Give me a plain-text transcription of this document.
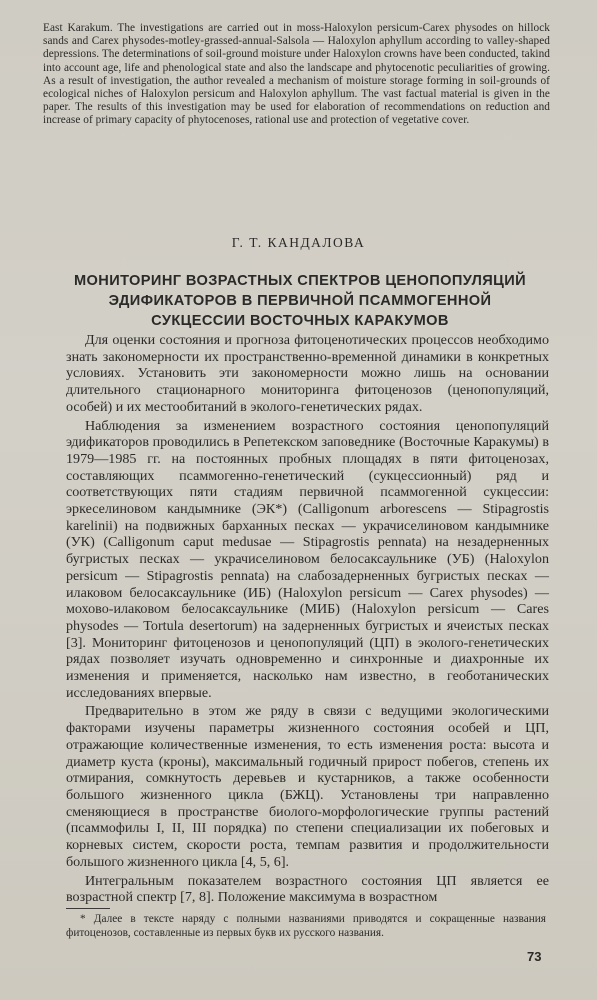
East Karakum. The investigations are carried out in moss-Haloxylon persicum-Carex physodes on hillock sands and Carex physodes-motley-grassed-annual-Salsola — Haloxylon aphyllum according to valley-shaped depressions. The determinations of soil-ground moisture under Haloxylon crowns have been conducted, takind into account age, life and phenological state and also the landscape and phytocenotic peculiarities of growing. As a result of investigation, the author revealed a mechanism of moisture storage forming in soil-grounds of ecological niches of Haloxylon persicum and Haloxylon aphyllum. The vast factual material is given in the paper. The results of this investigation may be used for elaboration of recommendations on reduction and increase of primary capacity of phytocenoses, rational use and protection of vegetative cover.
Г. Т. КАНДАЛОВА
МОНИТОРИНГ ВОЗРАСТНЫХ СПЕКТРОВ ЦЕНОПОПУЛЯЦИЙ
ЭДИФИКАТОРОВ В ПЕРВИЧНОЙ ПСАММОГЕННОЙ
СУКЦЕССИИ ВОСТОЧНЫХ КАРАКУМОВ

Для оценки состояния и прогноза фитоценотических процессов необходимо знать закономерности их пространственно-временной динамики в конкретных условиях. Установить эти закономерности можно лишь на основании длительного стационарного мониторинга фитоценозов (ценопопуляций, особей) и их местообитаний в эколого-генетических рядах.

Наблюдения за изменением возрастного состояния ценопопуляций эдификаторов проводились в Репетекском заповеднике (Восточные Каракумы) в 1979—1985 гг. на постоянных пробных площадях в пяти фитоценозах, составляющих псаммогенно-генетический (сукцессионный) ряд и соответствующих пяти стадиям первичной псаммогенной сукцессии: эркеселиновом кандымнике (ЭК*) (Calligonum arborescens — Stipagrostis karelinii) на подвижных барханных песках — украчиселиновом кандымнике (УК) (Calligonum caput medusae — Stipagrostis pennata) на незадерненных бугристых песках — украчиселиновом белосаксаульнике (УБ) (Haloxylon persicum — Stipagrostis pennata) на слабозадерненных бугристых песках — илаковом белосаксаульнике (ИБ) (Haloxylon persicum — Carex physodes) — мохово-илаковом белосаксаульнике (МИБ) (Haloxylon persicum — Cares physodes — Tortula desertorum) на задерненных бугристых и ячеистых песках [3]. Мониторинг фитоценозов и ценопопуляций (ЦП) в эколого-генетических рядах позволяет изучать одновременно и синхронные и диахронные их изменения и применяется, насколько нам известно, в геоботанических исследованиях впервые.

Предварительно в этом же ряду в связи с ведущими экологическими факторами изучены параметры жизненного состояния особей и ЦП, отражающие количественные изменения, то есть изменения роста: высота и диаметр куста (кроны), максимальный годичный прирост побегов, степень их отмирания, сомкнутость деревьев и кустарников, а также особенности большого жизненного цикла (БЖЦ). Установлены три направленно сменяющиеся в пространстве биолого-морфологические группы растений (псаммофилы I, II, III порядка) по степени специализации их побеговых и корневых систем, скорости роста, темпам развития и продолжительности большого жизненного цикла [4, 5, 6].

Интегральным показателем возрастного состояния ЦП является ее возрастной спектр [7, 8]. Положение максимума в возрастном

* Далее в тексте наряду с полными названиями приводятся и сокращенные названия фитоценозов, составленные из первых букв их русского названия.
73
